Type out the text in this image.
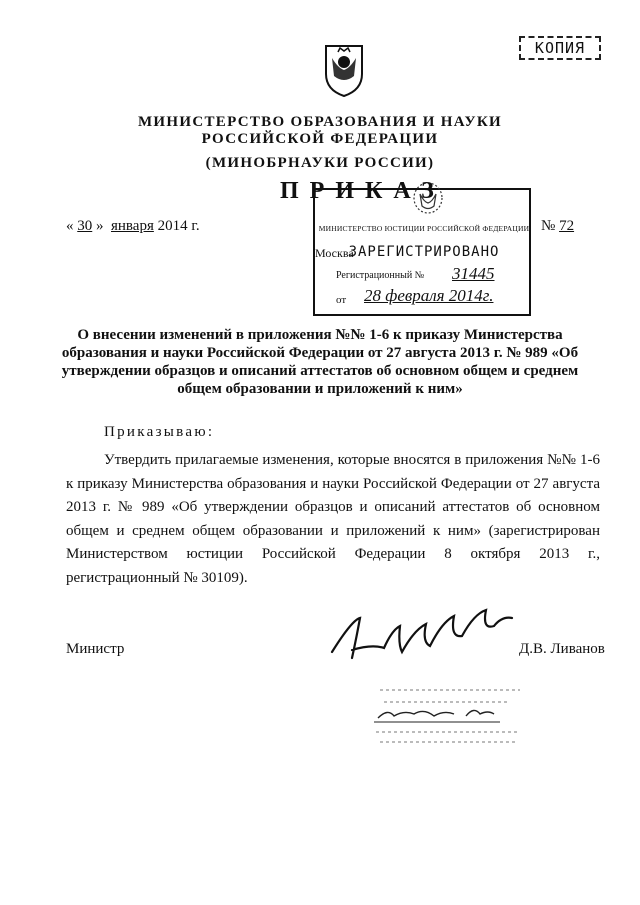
КОПИЯ
МИНИСТЕРСТВО ОБРАЗОВАНИЯ И НАУКИ
РОССИЙСКОЙ ФЕДЕРАЦИИ
(МИНОБРНАУКИ РОССИИ)
МИНИСТЕРСТВО ЮСТИЦИИ РОССИЙСКОЙ ФЕДЕРАЦИИ
ЗАРЕГИСТРИРОВАНО
Регистрационный № 31445
от 28 февраля 2014г.
ПРИКАЗ
« 30 » января 2014 г.	№ 72
Москва
О внесении изменений в приложения №№ 1-6 к приказу Министерства образования и науки Российской Федерации от 27 августа 2013 г. № 989 «Об утверждении образцов и описаний аттестатов об основном общем и среднем общем образовании и приложений к ним»
Приказываю:
Утвердить прилагаемые изменения, которые вносятся в приложения №№ 1-6 к приказу Министерства образования и науки Российской Федерации от 27 августа 2013 г. № 989 «Об утверждении образцов и описаний аттестатов об основном общем и среднем общем образовании и приложений к ним» (зарегистрирован Министерством юстиции Российской Федерации 8 октября 2013 г., регистрационный № 30109).
Министр	Д.В. Ливанов
